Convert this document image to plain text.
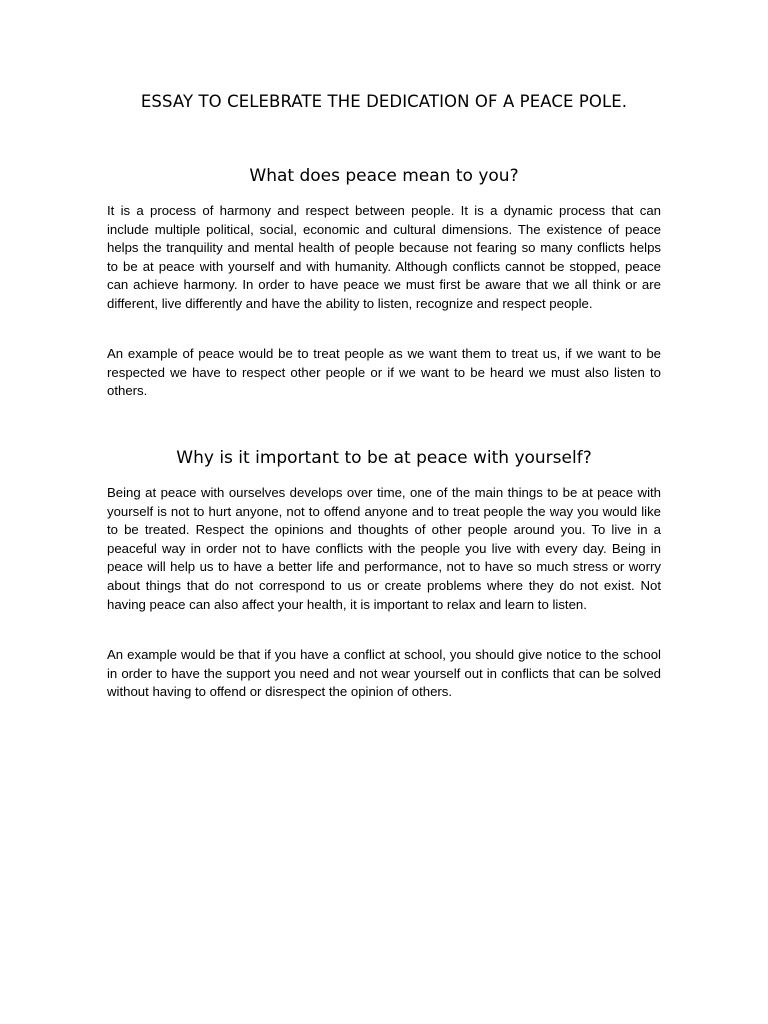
ESSAY TO CELEBRATE THE DEDICATION OF A PEACE POLE.
What does peace mean to you?

It is a process of harmony and respect between people. It is a dynamic process that can include multiple political, social, economic and cultural dimensions. The existence of peace helps the tranquility and mental health of people because not fearing so many conflicts helps to be at peace with yourself and with humanity. Although conflicts cannot be stopped, peace can achieve harmony. In order to have peace we must first be aware that we all think or are different, live differently and have the ability to listen, recognize and respect people.

An example of peace would be to treat people as we want them to treat us, if we want to be respected we have to respect other people or if we want to be heard we must also listen to others.

Why is it important to be at peace with yourself?

Being at peace with ourselves develops over time, one of the main things to be at peace with yourself is not to hurt anyone, not to offend anyone and to treat people the way you would like to be treated. Respect the opinions and thoughts of other people around you. To live in a peaceful way in order not to have conflicts with the people you live with every day. Being in peace will help us to have a better life and performance, not to have so much stress or worry about things that do not correspond to us or create problems where they do not exist. Not having peace can also affect your health, it is important to relax and learn to listen.

An example would be that if you have a conflict at school, you should give notice to the school in order to have the support you need and not wear yourself out in conflicts that can be solved without having to offend or disrespect the opinion of others.
